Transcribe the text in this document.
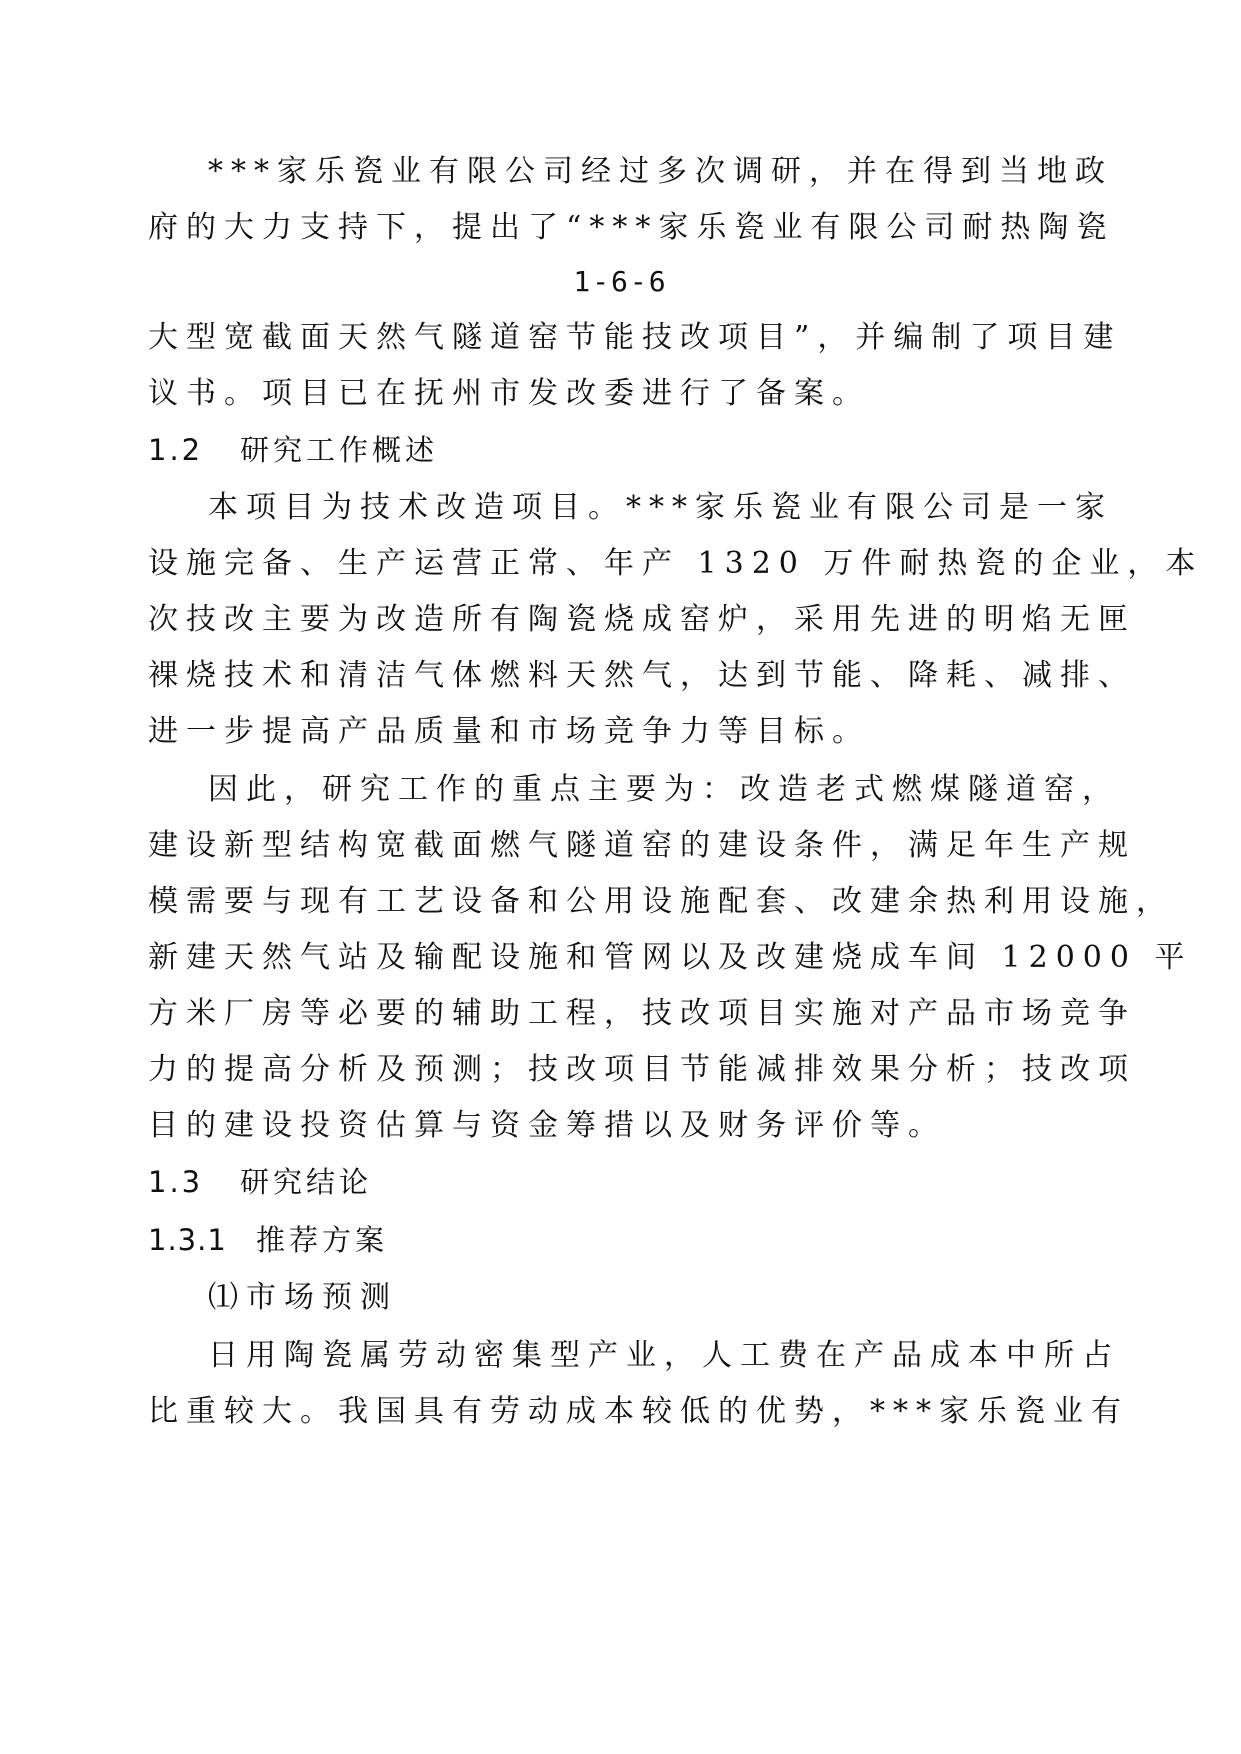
***家乐瓷业有限公司经过多次调研，并在得到当地政
府的大力支持下，提出了“***家乐瓷业有限公司耐热陶瓷
1-6-6
大型宽截面天然气隧道窑节能技改项目”，并编制了项目建
议书。项目已在抚州市发改委进行了备案。
1.2 研究工作概述
本项目为技术改造项目。***家乐瓷业有限公司是一家
设施完备、生产运营正常、年产 1320 万件耐热瓷的企业，本
次技改主要为改造所有陶瓷烧成窑炉，采用先进的明焰无匣
裸烧技术和清洁气体燃料天然气，达到节能、降耗、减排、
进一步提高产品质量和市场竞争力等目标。
因此，研究工作的重点主要为：改造老式燃煤隧道窑，
建设新型结构宽截面燃气隧道窑的建设条件，满足年生产规
模需要与现有工艺设备和公用设施配套、改建余热利用设施，
新建天然气站及输配设施和管网以及改建烧成车间 12000 平
方米厂房等必要的辅助工程，技改项目实施对产品市场竞争
力的提高分析及预测；技改项目节能减排效果分析；技改项
目的建设投资估算与资金筹措以及财务评价等。
1.3 研究结论
1.3.1 推荐方案
⑴市场预测
日用陶瓷属劳动密集型产业，人工费在产品成本中所占
比重较大。我国具有劳动成本较低的优势，***家乐瓷业有
